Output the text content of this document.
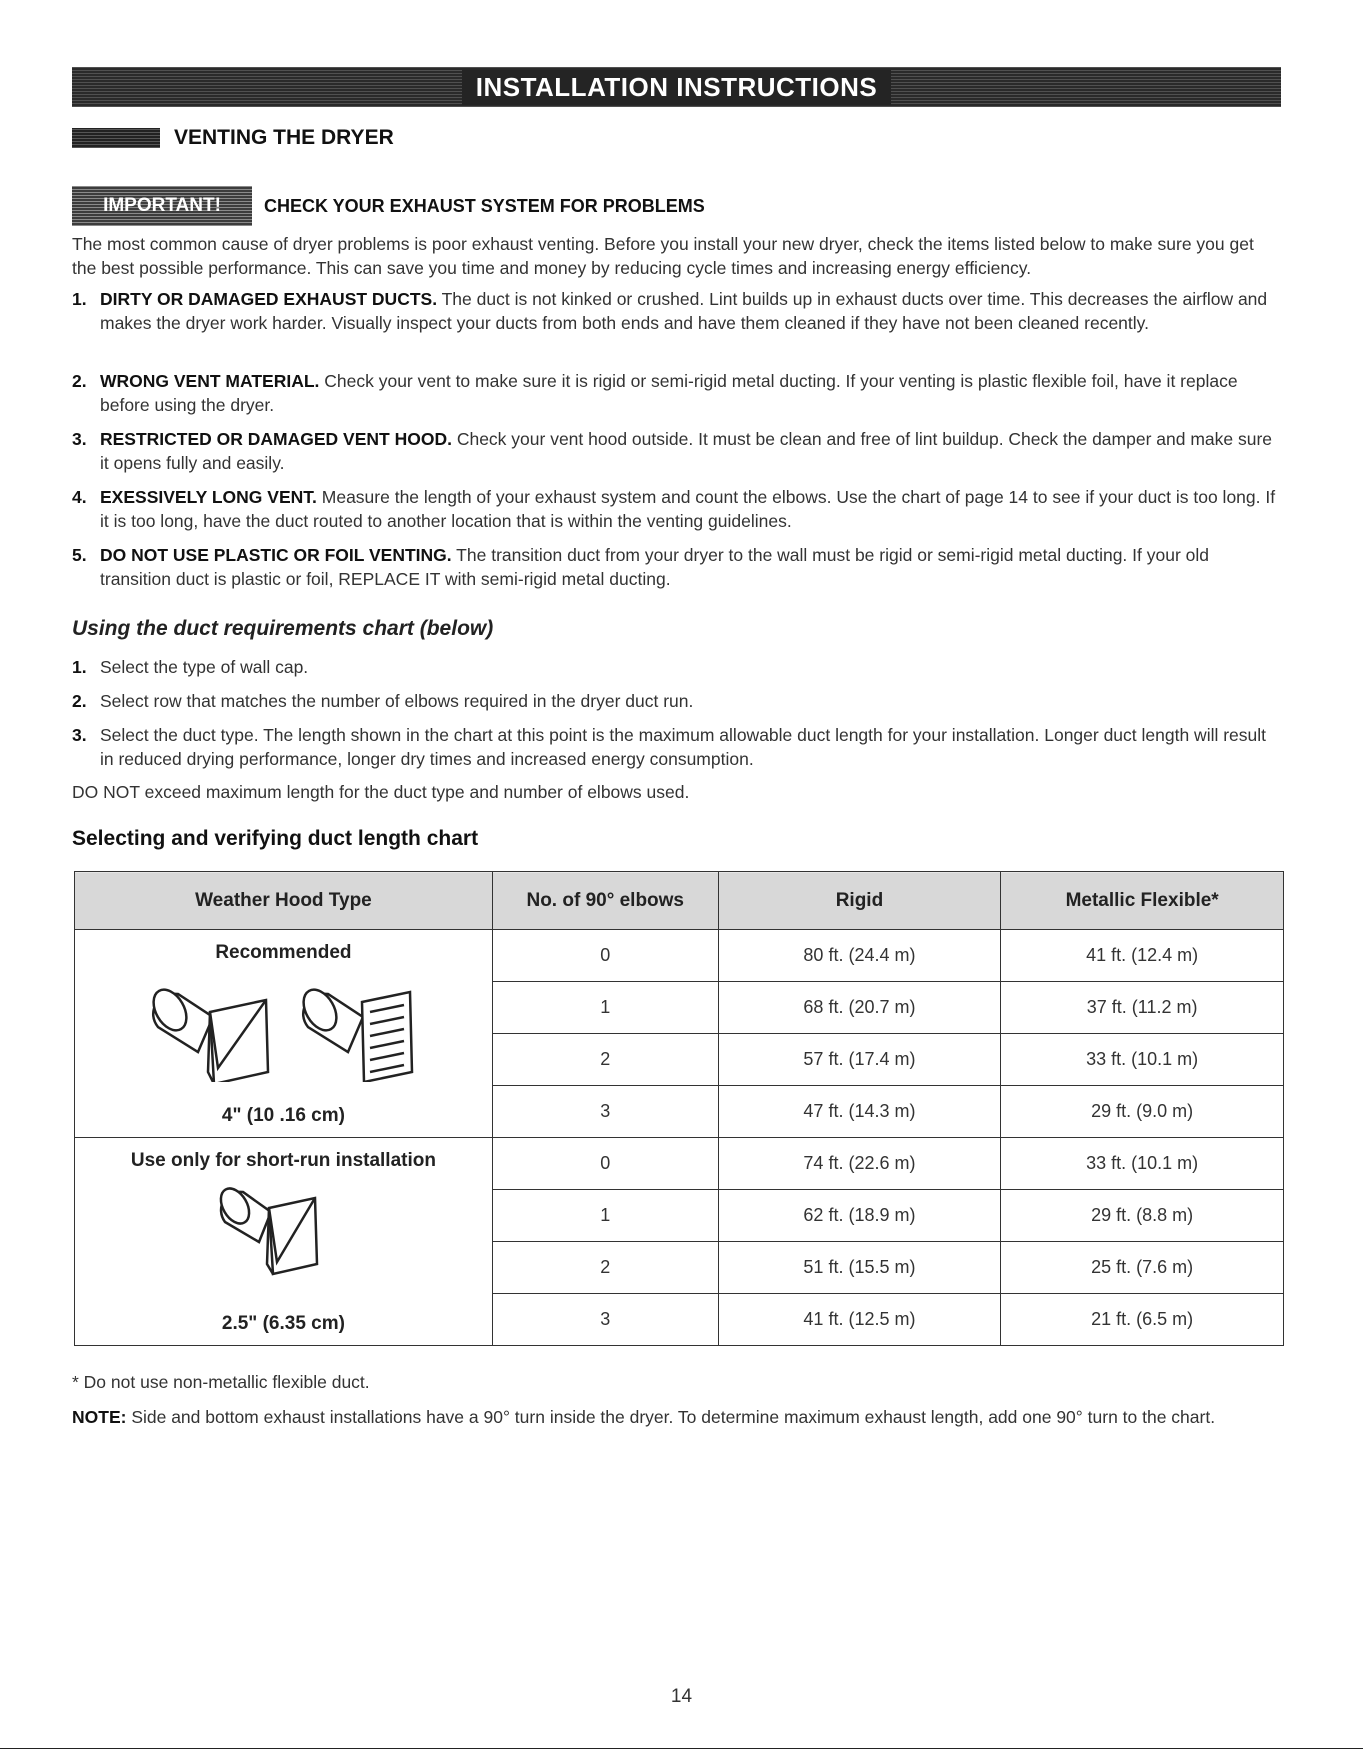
INSTALLATION INSTRUCTIONS
VENTING THE DRYER
IMPORTANT!	CHECK YOUR EXHAUST SYSTEM FOR PROBLEMS
The most common cause of dryer problems is poor exhaust venting. Before you install your new dryer, check the items listed below to make sure you get the best possible performance. This can save you time and money by reducing cycle times and increasing energy efficiency.
1. DIRTY OR DAMAGED EXHAUST DUCTS. The duct is not kinked or crushed. Lint builds up in exhaust ducts over time. This decreases the airflow and makes the dryer work harder. Visually inspect your ducts from both ends and have them cleaned if they have not been cleaned recently.
2. WRONG VENT MATERIAL. Check your vent to make sure it is rigid or semi-rigid metal ducting. If your venting is plastic flexible foil, have it replace before using the dryer.
3. RESTRICTED OR DAMAGED VENT HOOD. Check your vent hood outside. It must be clean and free of lint buildup. Check the damper and make sure it opens fully and easily.
4. EXESSIVELY LONG VENT. Measure the length of your exhaust system and count the elbows. Use the chart of page 14 to see if your duct is too long. If it is too long, have the duct routed to another location that is within the venting guidelines.
5. DO NOT USE PLASTIC OR FOIL VENTING. The transition duct from your dryer to the wall must be rigid or semi-rigid metal ducting. If your old transition duct is plastic or foil, REPLACE IT with semi-rigid metal ducting.
Using the duct requirements chart (below)
1. Select the type of wall cap.
2. Select row that matches the number of elbows required in the dryer duct run.
3. Select the duct type. The length shown in the chart at this point is the maximum allowable duct length for your installation. Longer duct length will result in reduced drying performance, longer dry times and increased energy consumption.
DO NOT exceed maximum length for the duct type and number of elbows used.
Selecting and verifying duct length chart
Weather Hood Type	No. of 90° elbows	Rigid	Metallic Flexible*

Recommended
4" (10 .16 cm)	0	80 ft. (24.4 m)	41 ft. (12.4 m)
	1	68 ft. (20.7 m)	37 ft. (11.2 m)
	2	57 ft. (17.4 m)	33 ft. (10.1 m)
	3	47 ft. (14.3 m)	29 ft. (9.0 m)

Use only for short-run installation
2.5" (6.35 cm)	0	74 ft. (22.6 m)	33 ft. (10.1 m)
	1	62 ft. (18.9 m)	29 ft. (8.8 m)
	2	51 ft. (15.5 m)	25 ft. (7.6 m)
	3	41 ft. (12.5 m)	21 ft. (6.5 m)
* Do not use non-metallic flexible duct.
NOTE: Side and bottom exhaust installations have a 90° turn inside the dryer. To determine maximum exhaust length, add one 90° turn to the chart.
14
